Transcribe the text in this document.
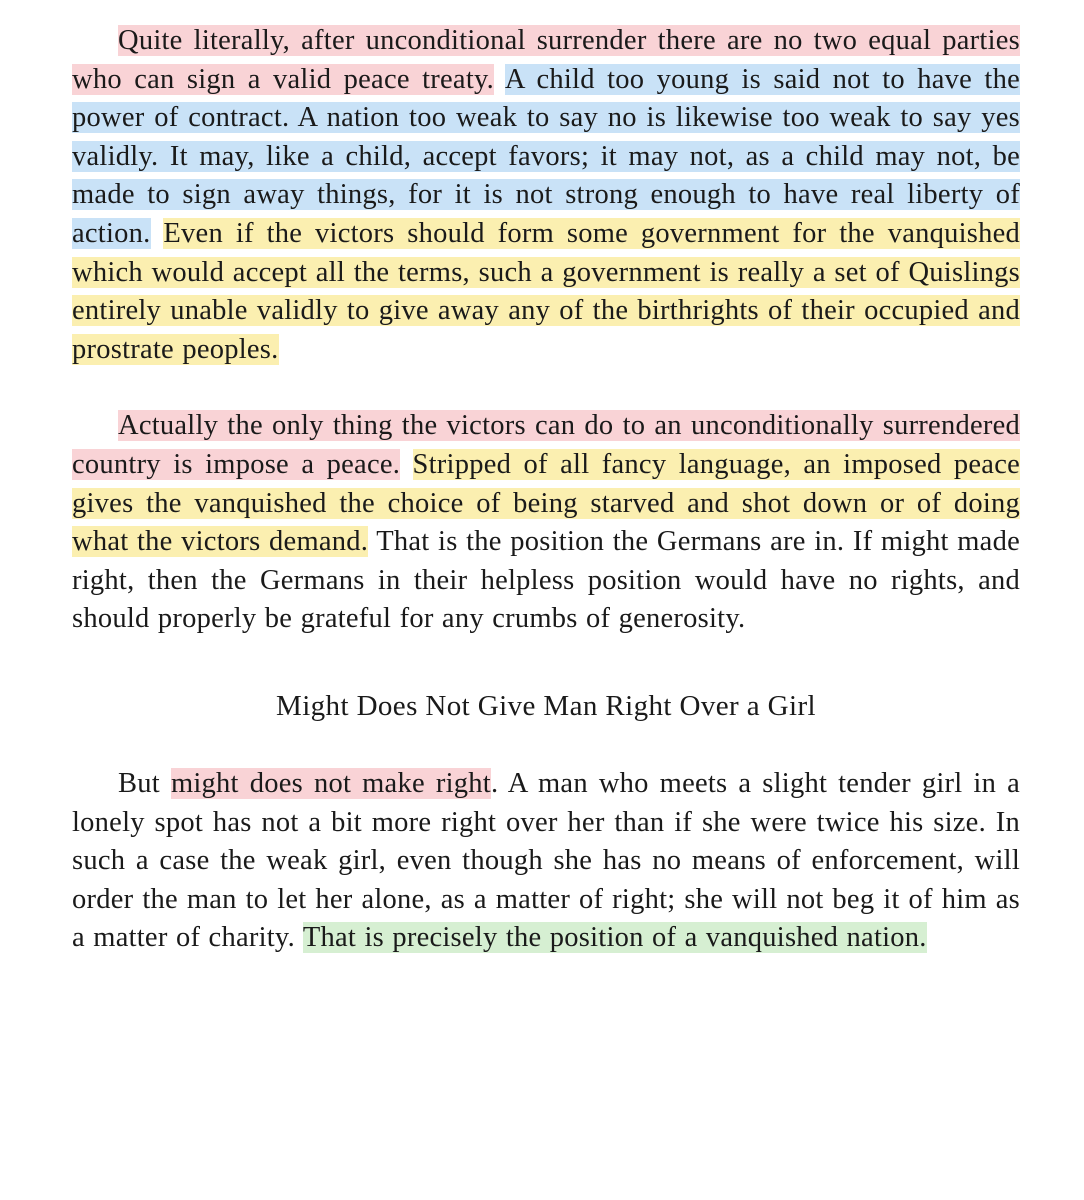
Quite literally, after unconditional surrender there are no two equal parties who can sign a valid peace treaty. A child too young is said not to have the power of contract. A nation too weak to say no is likewise too weak to say yes validly. It may, like a child, accept favors; it may not, as a child may not, be made to sign away things, for it is not strong enough to have real liberty of action. Even if the victors should form some government for the vanquished which would accept all the terms, such a government is really a set of Quislings entirely unable validly to give away any of the birthrights of their occupied and prostrate peoples.

Actually the only thing the victors can do to an unconditionally surrendered country is impose a peace. Stripped of all fancy language, an imposed peace gives the vanquished the choice of being starved and shot down or of doing what the victors demand. That is the position the Germans are in. If might made right, then the Germans in their helpless position would have no rights, and should properly be grateful for any crumbs of generosity.

Might Does Not Give Man Right Over a Girl

But might does not make right. A man who meets a slight tender girl in a lonely spot has not a bit more right over her than if she were twice his size. In such a case the weak girl, even though she has no means of enforcement, will order the man to let her alone, as a matter of right; she will not beg it of him as a matter of charity. That is precisely the position of a vanquished nation.
